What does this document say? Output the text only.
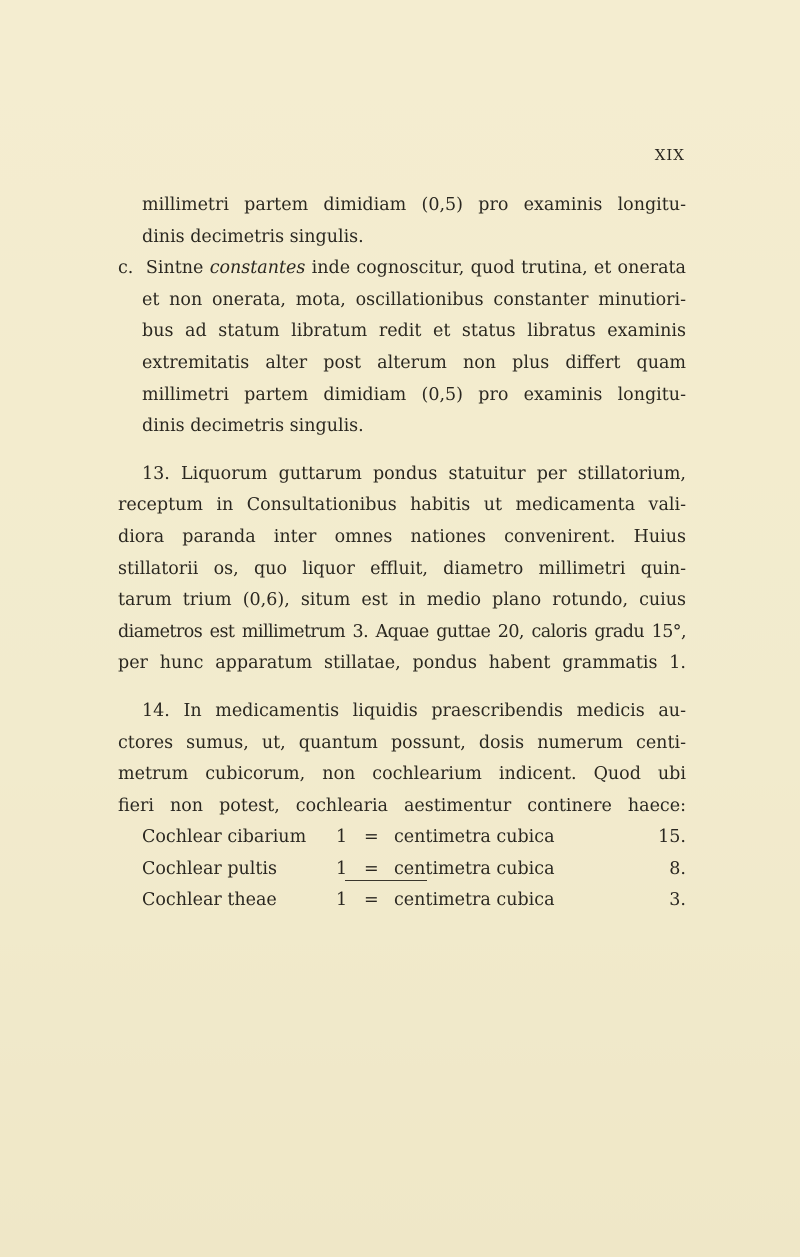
XIX
millimetri partem dimidiam (0,5) pro examinis longitu-
dinis decimetris singulis.
c. Sintne constantes inde cognoscitur, quod trutina, et onerata
et non onerata, mota, oscillationibus constanter minutiori-
bus ad statum libratum redit et status libratus examinis
extremitatis alter post alterum non plus differt quam
millimetri partem dimidiam (0,5) pro examinis longitu-
dinis decimetris singulis.
13. Liquorum guttarum pondus statuitur per stillatorium,
receptum in Consultationibus habitis ut medicamenta vali-
diora paranda inter omnes nationes convenirent. Huius
stillatorii os, quo liquor effluit, diametro millimetri quin-
tarum trium (0,6), situm est in medio plano rotundo, cuius
diametros est millimetrum 3. Aquae guttae 20, caloris gradu 15°,
per hunc apparatum stillatae, pondus habent grammatis 1.
14. In medicamentis liquidis praescribendis medicis au-
ctores sumus, ut, quantum possunt, dosis numerum centi-
metrum cubicorum, non cochlearium indicent. Quod ubi
fieri non potest, cochlearia aestimentur continere haece:
Cochlear cibarium	1 = centimetra cubica	15.
Cochlear pultis	1 = centimetra cubica	8.
Cochlear theae	1 = centimetra cubica	3.
